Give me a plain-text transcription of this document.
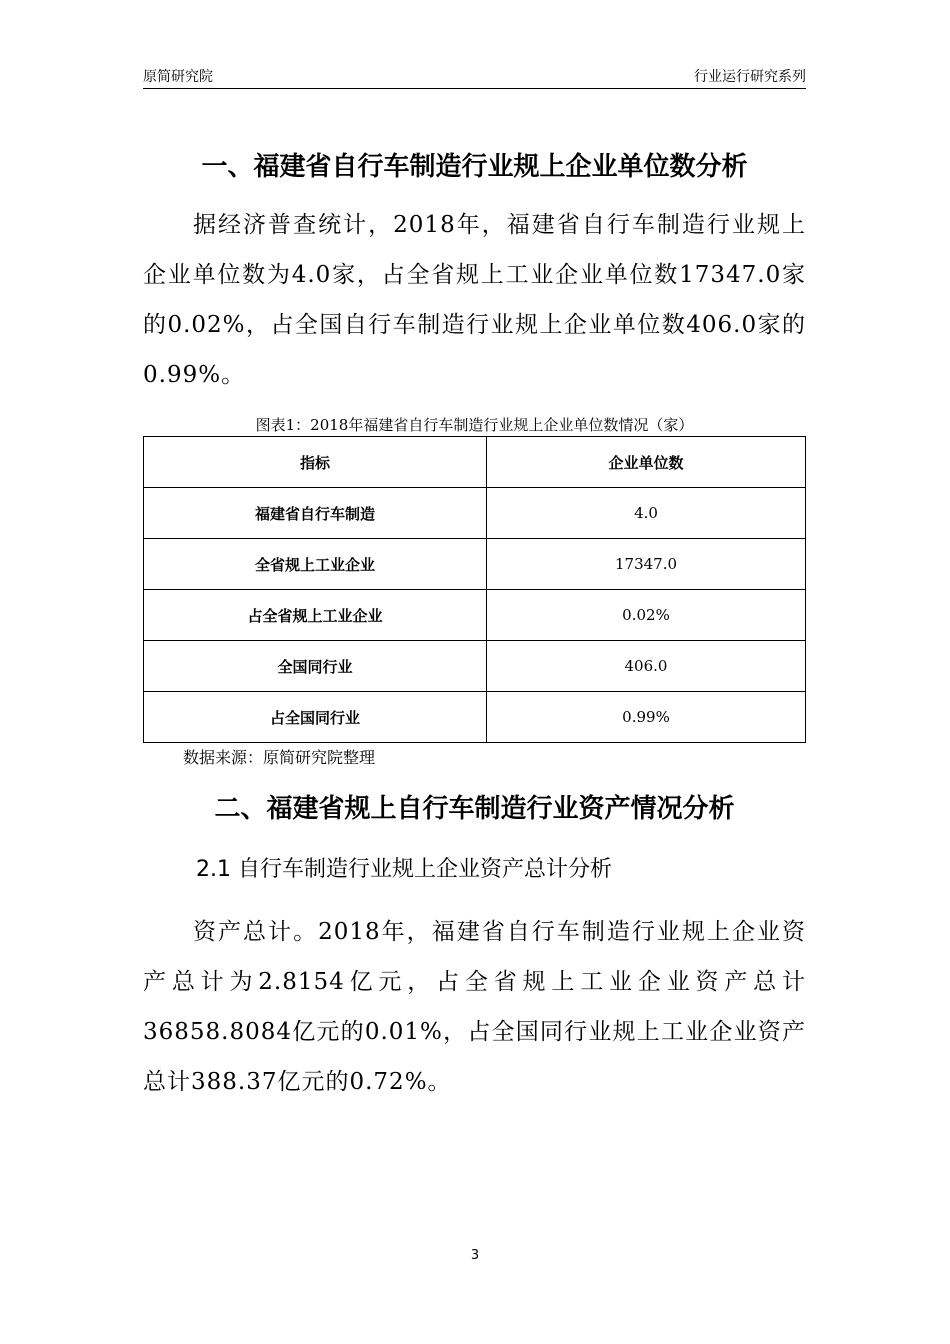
原简研究院	行业运行研究系列
一、福建省自行车制造行业规上企业单位数分析
据经济普查统计，2018年，福建省自行车制造行业规上企业单位数为4.0家，占全省规上工业企业单位数17347.0家的0.02%，占全国自行车制造行业规上企业单位数406.0家的0.99%。
图表1：2018年福建省自行车制造行业规上企业单位数情况（家）
指标	企业单位数
福建省自行车制造	4.0
全省规上工业企业	17347.0
占全省规上工业企业	0.02%
全国同行业	406.0
占全国同行业	0.99%
数据来源：原简研究院整理
二、福建省规上自行车制造行业资产情况分析
2.1 自行车制造行业规上企业资产总计分析
资产总计。2018年，福建省自行车制造行业规上企业资产总计为2.8154亿元，占全省规上工业企业资产总计36858.8084亿元的0.01%，占全国同行业规上工业企业资产总计388.37亿元的0.72%。
3
